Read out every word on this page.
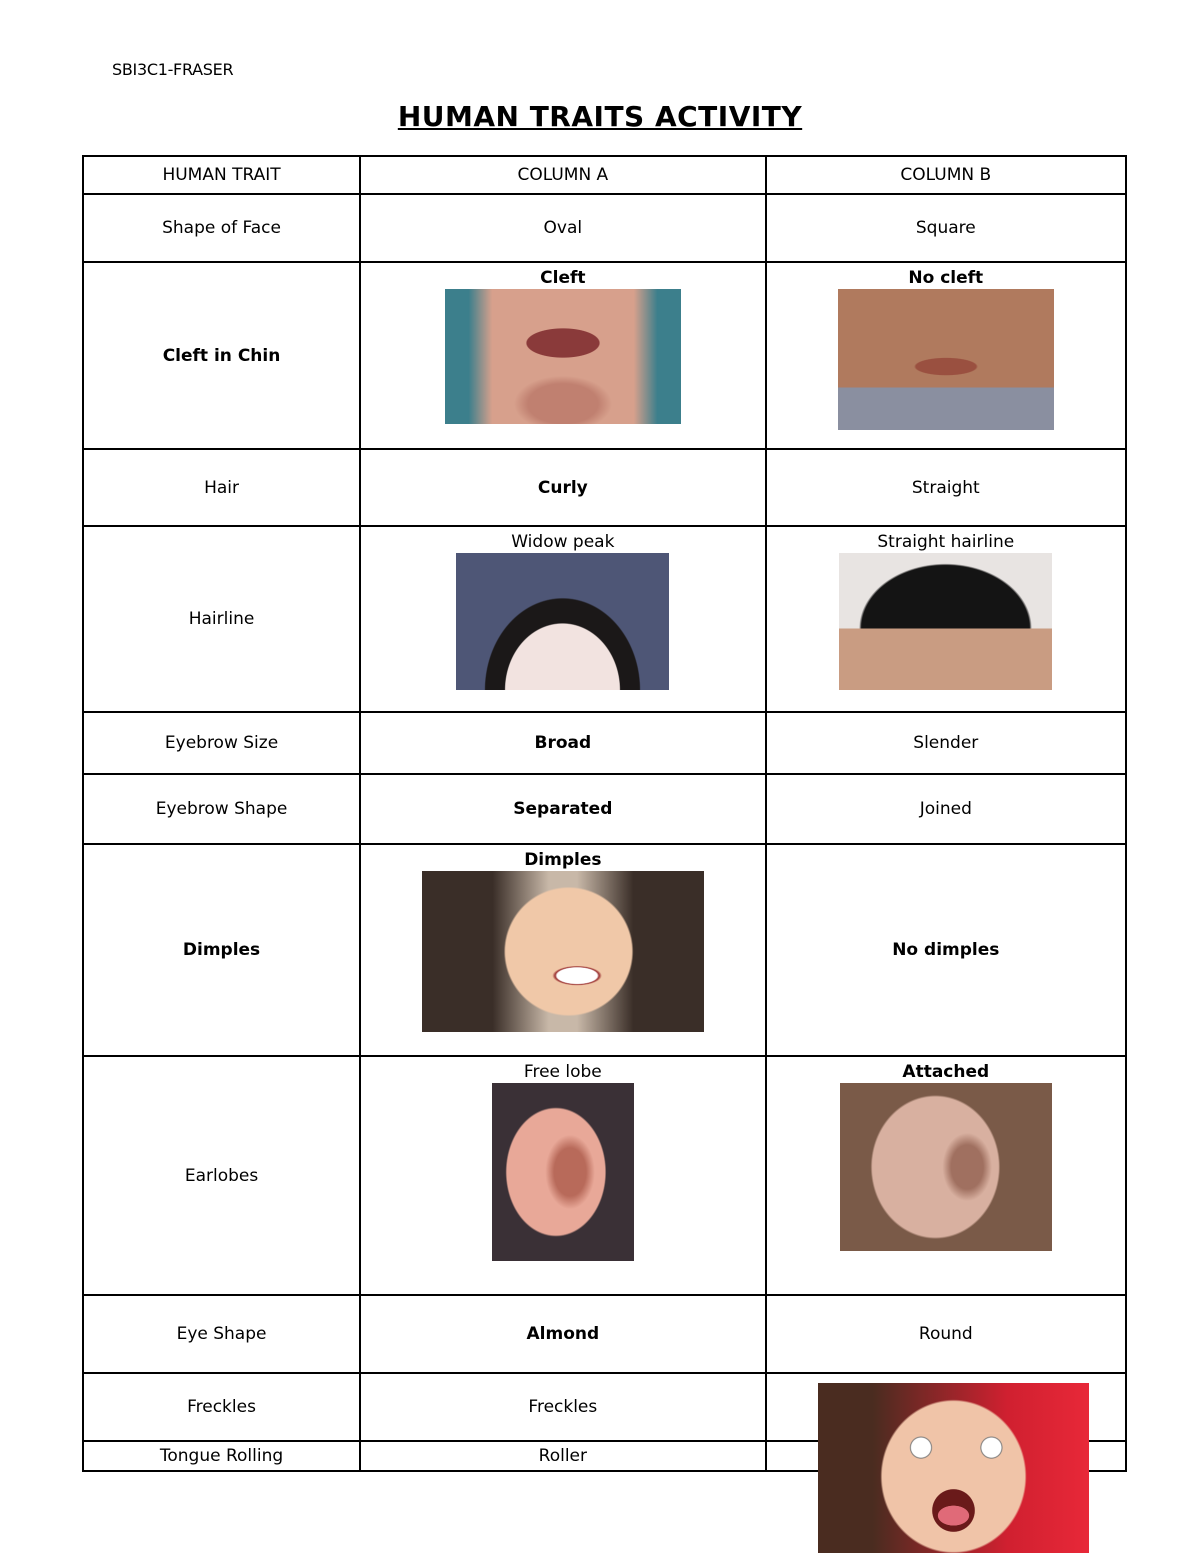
SBI3C1-FRASER
HUMAN TRAITS ACTIVITY
HUMAN TRAIT	COLUMN A	COLUMN B
Shape of Face	Oval	Square
Cleft in Chin	Cleft	No cleft

Hair	Curly	Straight
Hairline	Widow peak	Straight hairline

Eyebrow Size	Broad	Slender
Eyebrow Shape	Separated	Joined
Dimples	Dimples	No dimples
Earlobes	Free lobe	Attached

Eye Shape	Almond	Round
Freckles	Freckles	
Tongue Rolling	Roller	
